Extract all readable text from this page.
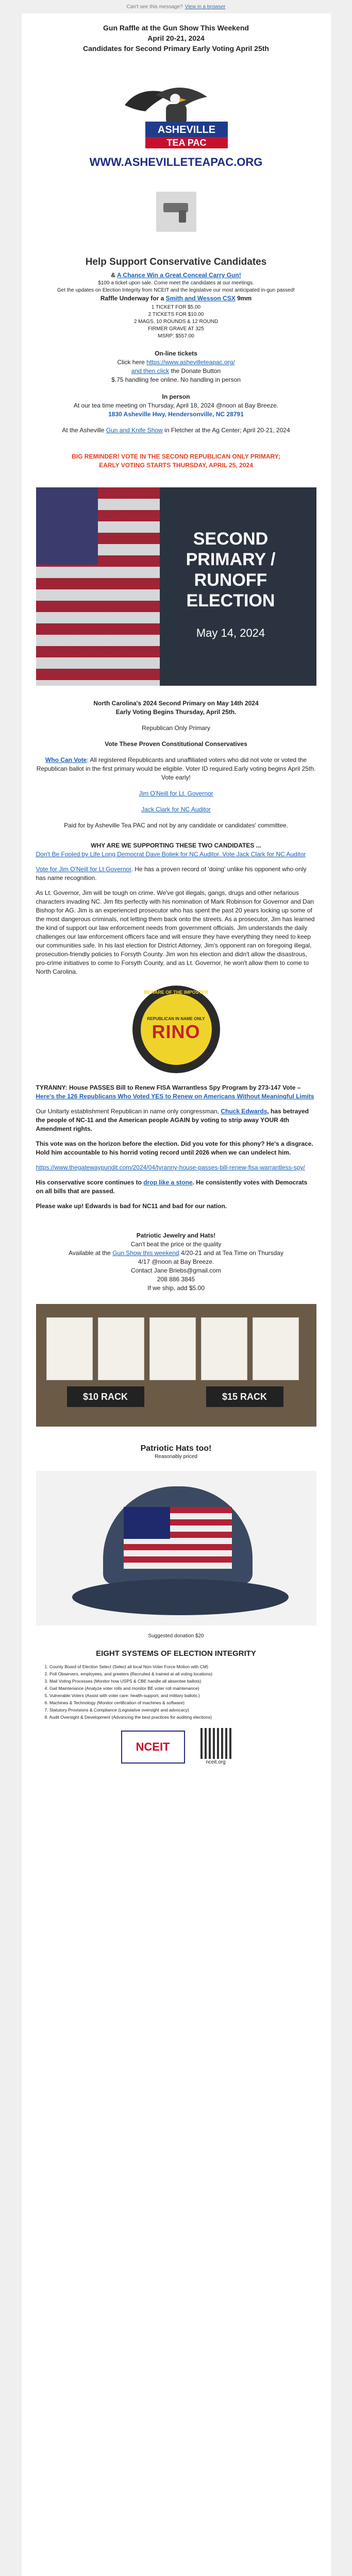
Can't see this message? View in a browser
Gun Raffle at the Gun Show This Weekend
April 20-21, 2024
Candidates for Second Primary Early Voting April 25th
ASHEVILLE
TEA PAC
WWW.ASHEVILLETEAPAC.ORG
Help Support Conservative Candidates
& A Chance Win a Great Conceal Carry Gun!
$100 a ticket upon sale. Come meet the candidates at our meetings.
Get the updates on Election Integrity from NCEIT and the legislative our most anticipated in-gun passed!
Raffle Underway for a Smith and Wesson CSX 9mm
1 TICKET FOR $5.00
2 TICKETS FOR $10.00
2 MAGS, 10 ROUNDS & 12 ROUND
FIRMER GRAVE AT 325
MSRP: $557.00
On-line tickets
Click here https://www.ashevilleteapac.org/
and then click the Donate Button
$.75 handling fee online. No handling in person
In person
At our tea time meeting on Thursday, April 18, 2024 @noon at Bay Breeze.
1830 Asheville Hwy, Hendersonville, NC 28791
At the Asheville Gun and Knife Show in Fletcher at the Ag Center; April 20-21, 2024
BIG REMINDER! VOTE IN THE SECOND REPUBLICAN ONLY PRIMARY;
EARLY VOTING STARTS THURSDAY, APRIL 25, 2024
SECOND
PRIMARY /
RUNOFF
ELECTION
May 14, 2024
North Carolina's 2024 Second Primary on May 14th 2024
Early Voting Begins Thursday, April 25th.
Republican Only Primary
Vote These Proven Constitutional Conservatives
Who Can Vote: All registered Republicants and unaffiliated voters who did not vote or voted the Republican ballot in the first primary would be eligible. Voter ID required.Early voting begins April 25th. Vote early!
Jim O'Neill for Lt. Governor
Jack Clark for NC Auditor
Paid for by Asheville Tea PAC and not by any candidate or candidates' committee.
WHY ARE WE SUPPORTING THESE TWO CANDIDATES ...
Don't Be Fooled by Life Long Democrat Dave Boliek for NC Auditor. Vote Jack Clark for NC Auditor
Vote for Jim O'Neill for Lt Governor. He has a proven record of 'doing' unlike his opponent who only has name recognition.
As Lt. Governor, Jim will be tough on crime. We've got illegals, gangs, drugs and other nefarious characters invading NC. Jim fits perfectly with his nomination of Mark Robinson for Governor and Dan Bishop for AG. Jim is an experienced prosecutor who has spent the past 20 years locking up some of the most dangerous criminals, not letting them back onto the streets. As a prosecutor, Jim has learned the kind of support our law enforcement needs from government officials. Jim understands the daily challenges our law enforcement officers face and will ensure they have everything they need to keep our communities safe. In his last election for District Attorney, Jim's opponent ran on foregoing illegal, prosecution-friendly policies to Forsyth County. Jim won his election and didn't allow the disastrous, pro-crime initiatives to come to Forsyth County, and as Lt. Governor, he won't allow them to come to North Carolina.
BEWARE OF THE IMPOSTER
REPUBLICAN IN NAME ONLY
RINO
TYRANNY: House PASSES Bill to Renew FISA Warrantless Spy Program by 273-147 Vote – Here's the 126 Republicans Who Voted YES to Renew on Americans Without Meaningful Limits
Our Unitarty establishment Republican in name only congressman, Chuck Edwards, has betrayed the people of NC-11 and the American people AGAIN by voting to strip away YOUR 4th Amendment rights.
This vote was on the horizon before the election. Did you vote for this phony? He's a disgrace. Hold him accountable to his horrid voting record until 2026 when we can undelect him.
https://www.thegatewaypundit.com/2024/04/tyranny-house-passes-bill-renew-fisa-warrantless-spy/
His conservative score continues to drop like a stone. He consistently votes with Democrats on all bills that are passed.
Please wake up! Edwards is bad for NC11 and bad for our nation.
Patriotic Jewelry and Hats!
Can't beat the price or the quality
Available at the Gun Show this weekend 4/20-21 and at Tea Time on Thursday
4/17 @noon at Bay Breeze.
Contact Jane Briebs@gmail.com
208 886 3845
If we ship, add $5.00
$10 RACK	$15 RACK
Patriotic Hats too!
Reasonably priced
Suggested donation $20
EIGHT SYSTEMS OF ELECTION INTEGRITY
1. County Board of Election Select (Select all local Non-Voter Force Motion with CM)
2. Poll Observers, employees, and greeters (Recruited & trained at all voting locations)
3. Mail Voting Processes (Monitor how USPS & CBE handle all absentee ballots)
4. Gail Maintenance (Analyze voter rolls and monitor BE voter roll maintenance)
5. Vulnerable Voters (Assist with voter care: health-support, and military ballots.)
6. Machines & Technology (Monitor certification of machines & software)
7. Statutory Provisions & Compliance (Legislative oversight and advocacy)
8. Audit Oversight & Development (Advancing the best practices for auditing elections)
NCEIT
nceit.org
